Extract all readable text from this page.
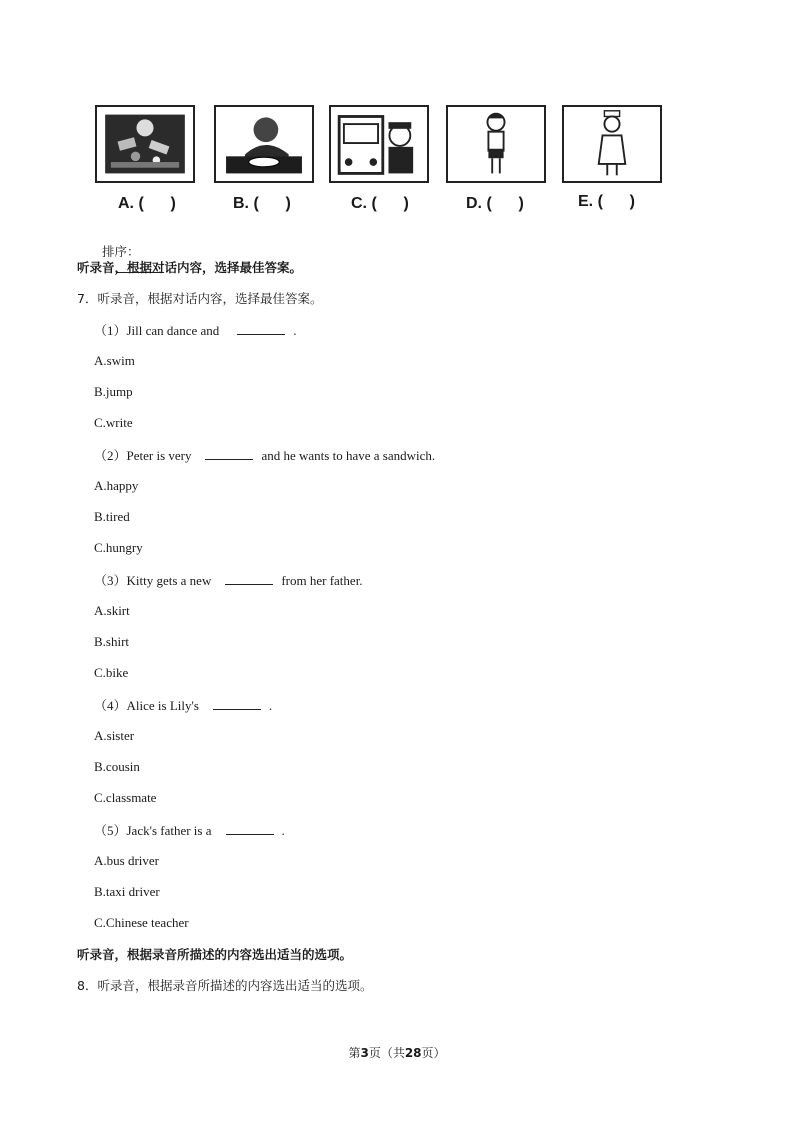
A. (      )	B. (      )	C. (      )	D. (      )	E. (      )

排序：

听录音，根据对话内容，选择最佳答案。
7．听录音，根据对话内容，选择最佳答案。
（1）Jill can dance and	.
A.swim
B.jump
C.write
（2）Peter is very	and he wants to have a sandwich.
A.happy
B.tired
C.hungry
（3）Kitty gets a new	from her father.
A.skirt
B.shirt
C.bike
（4）Alice is Lily's	.
A.sister
B.cousin
C.classmate
（5）Jack's father is a	.
A.bus driver
B.taxi driver
C.Chinese teacher
听录音，根据录音所描述的内容选出适当的选项。
8．听录音，根据录音所描述的内容选出适当的选项。
第3页（共28页）
